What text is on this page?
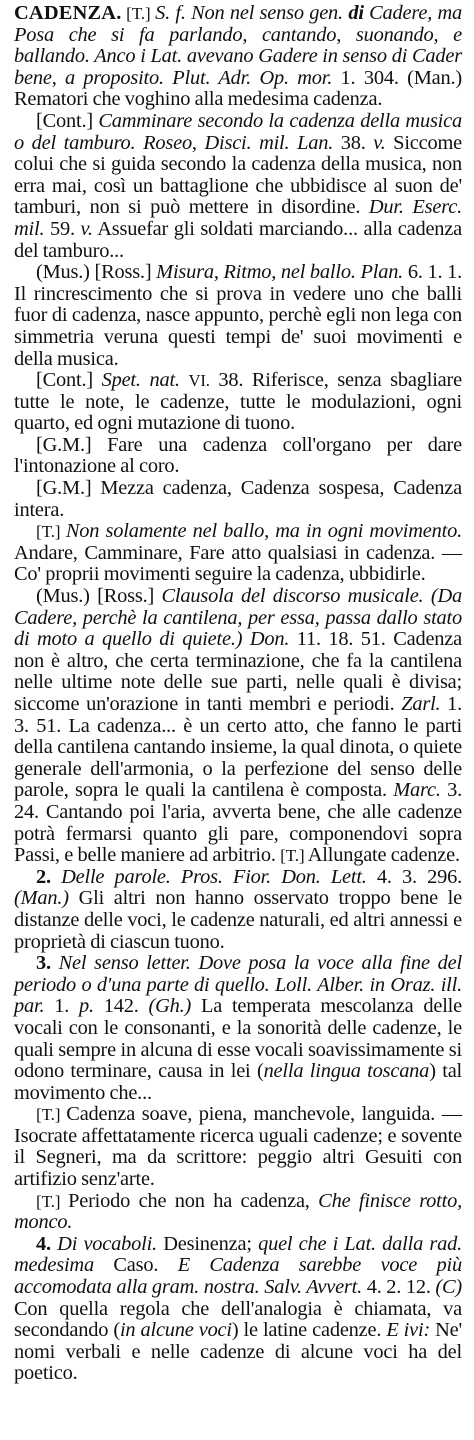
CADENZA. [T.] S. f. Non nel senso gen. di Cadere, ma Posa che si fa parlando, cantando, suonando, e ballando. Anco i Lat. avevano Gadere in senso di Cader bene, a proposito. Plut. Adr. Op. mor. 1. 304. (Man.) Rematori che voghino alla medesima cadenza.

[Cont.] Camminare secondo la cadenza della musica o del tamburo. Roseo, Disci. mil. Lan. 38. v. Siccome colui che si guida secondo la cadenza della musica, non erra mai, così un battaglione che ubbidisce al suon de' tamburi, non si può mettere in disordine. Dur. Eserc. mil. 59. v. Assuefar gli soldati marciando... alla cadenza del tamburo...

(Mus.) [Ross.] Misura, Ritmo, nel ballo. Plan. 6. 1. 1. Il rincrescimento che si prova in vedere uno che balli fuor di cadenza, nasce appunto, perchè egli non lega con simmetria veruna questi tempi de' suoi movimenti e della musica.

[Cont.] Spet. nat. VI. 38. Riferisce, senza sbagliare tutte le note, le cadenze, tutte le modulazioni, ogni quarto, ed ogni mutazione di tuono.

[G.M.] Fare una cadenza coll'organo per dare l'intonazione al coro.

[G.M.] Mezza cadenza, Cadenza sospesa, Cadenza intera.

[T.] Non solamente nel ballo, ma in ogni movimento. Andare, Camminare, Fare atto qualsiasi in cadenza. — Co' proprii movimenti seguire la cadenza, ubbidirle.

(Mus.) [Ross.] Clausola del discorso musicale. (Da Cadere, perchè la cantilena, per essa, passa dallo stato di moto a quello di quiete.) Don. 11. 18. 51. Cadenza non è altro, che certa terminazione, che fa la cantilena nelle ultime note delle sue parti, nelle quali è divisa; siccome un'orazione in tanti membri e periodi. Zarl. 1. 3. 51. La cadenza... è un certo atto, che fanno le parti della cantilena cantando insieme, la qual dinota, o quiete generale dell'armonia, o la perfezione del senso delle parole, sopra le quali la cantilena è composta. Marc. 3. 24. Cantando poi l'aria, avverta bene, che alle cadenze potrà fermarsi quanto gli pare, componendovi sopra Passi, e belle maniere ad arbitrio. [T.] Allungate cadenze.

2. Delle parole. Pros. Fior. Don. Lett. 4. 3. 296. (Man.) Gli altri non hanno osservato troppo bene le distanze delle voci, le cadenze naturali, ed altri annessi e proprietà di ciascun tuono.

3. Nel senso letter. Dove posa la voce alla fine del periodo o d'una parte di quello. Loll. Alber. in Oraz. ill. par. 1. p. 142. (Gh.) La temperata mescolanza delle vocali con le consonanti, e la sonorità delle cadenze, le quali sempre in alcuna di esse vocali soavissimamente si odono terminare, causa in lei (nella lingua toscana) tal movimento che...

[T.] Cadenza soave, piena, manchevole, languida. — Isocrate affettatamente ricerca uguali cadenze; e sovente il Segneri, ma da scrittore: peggio altri Gesuiti con artifizio senz'arte.

[T.] Periodo che non ha cadenza, Che finisce rotto, monco.

4. Di vocaboli. Desinenza; quel che i Lat. dalla rad. medesima Caso. E Cadenza sarebbe voce più accomodata alla gram. nostra. Salv. Avvert. 4. 2. 12. (C) Con quella regola che dell'analogia è chiamata, va secondando (in alcune voci) le latine cadenze. E ivi: Ne' nomi verbali e nelle cadenze di alcune voci ha del poetico.
